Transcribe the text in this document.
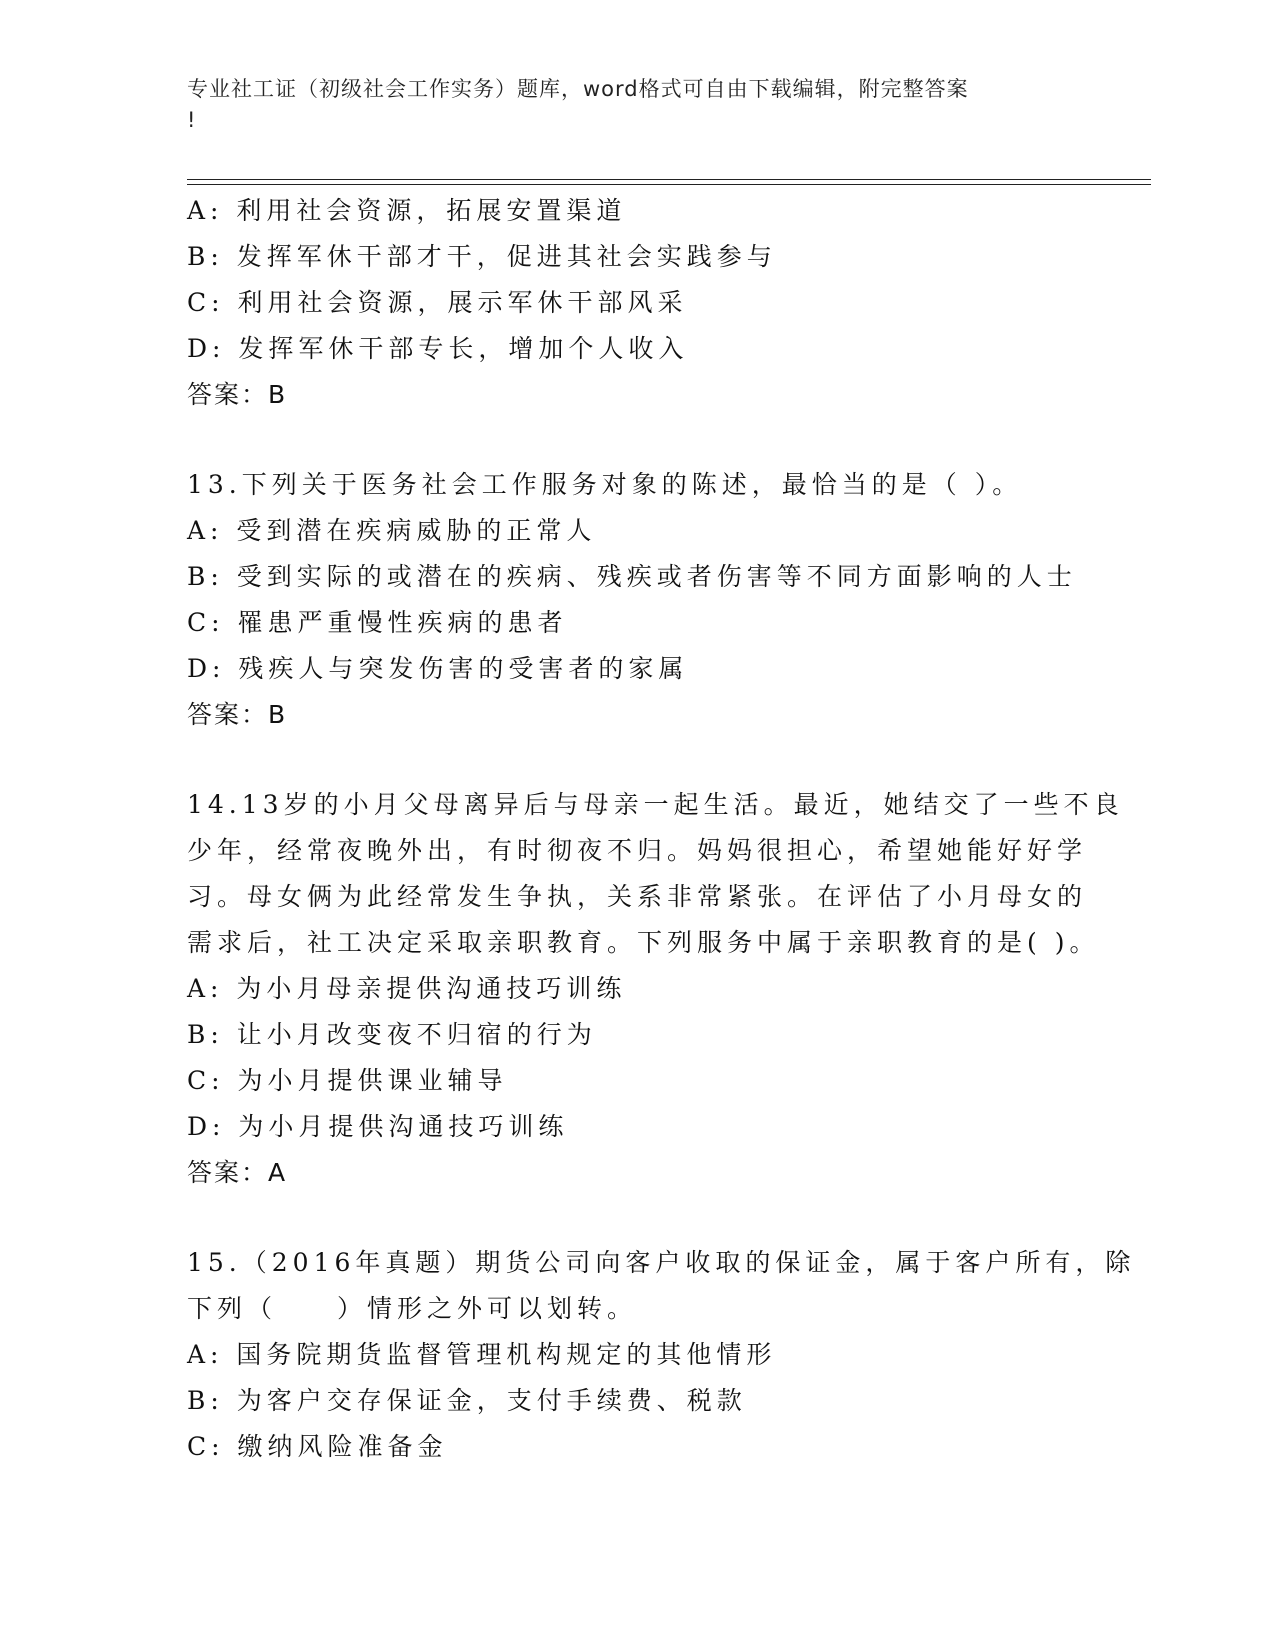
专业社工证（初级社会工作实务）题库，word格式可自由下载编辑，附完整答案
!
A: 利用社会资源，拓展安置渠道
B: 发挥军休干部才干，促进其社会实践参与
C: 利用社会资源，展示军休干部风采
D: 发挥军休干部专长，增加个人收入
答案：B
13.下列关于医务社会工作服务对象的陈述，最恰当的是（ ）。
A: 受到潜在疾病威胁的正常人
B: 受到实际的或潜在的疾病、残疾或者伤害等不同方面影响的人士
C: 罹患严重慢性疾病的患者
D: 残疾人与突发伤害的受害者的家属
答案：B
14.13岁的小月父母离异后与母亲一起生活。最近，她结交了一些不良
少年，经常夜晚外出，有时彻夜不归。妈妈很担心，希望她能好好学
习。母女俩为此经常发生争执，关系非常紧张。在评估了小月母女的
需求后，社工决定采取亲职教育。下列服务中属于亲职教育的是( )。
A: 为小月母亲提供沟通技巧训练
B: 让小月改变夜不归宿的行为
C: 为小月提供课业辅导
D: 为小月提供沟通技巧训练
答案：A
15.（2016年真题）期货公司向客户收取的保证金，属于客户所有，除
下列（　　）情形之外可以划转。
A: 国务院期货监督管理机构规定的其他情形
B: 为客户交存保证金，支付手续费、税款
C: 缴纳风险准备金
